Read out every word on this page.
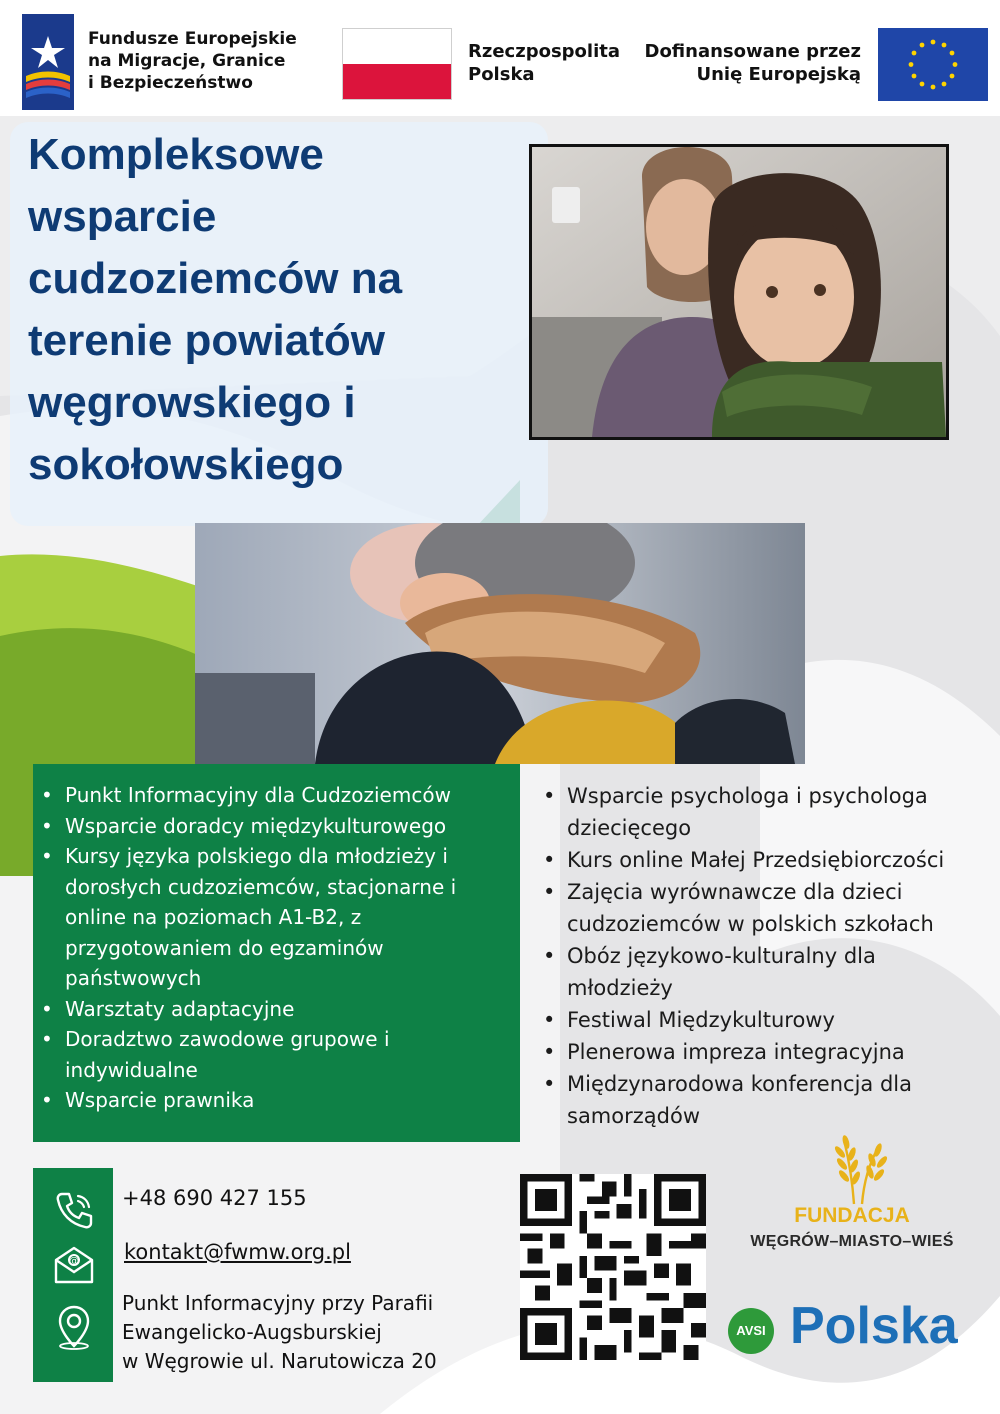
Fundusze Europejskie
na Migracje, Granice
i Bezpieczeństwo
Rzeczpospolita
Polska
Dofinansowane przez
Unię Europejską
Kompleksowe wsparcie cudzoziemców na terenie powiatów węgrowskiego i sokołowskiego
• Punkt Informacyjny dla Cudzoziemców
• Wsparcie doradcy międzykulturowego
• Kursy języka polskiego dla młodzieży i dorosłych cudzoziemców, stacjonarne i online na poziomach A1-B2, z przygotowaniem do egzaminów państwowych
• Warsztaty adaptacyjne
• Doradztwo zawodowe grupowe i indywidualne
• Wsparcie prawnika
• Wsparcie psychologa i psychologa dziecięcego
• Kurs online Małej Przedsiębiorczości
• Zajęcia wyrównawcze dla dzieci cudzoziemców w polskich szkołach
• Obóz językowo-kulturalny dla młodzieży
• Festiwal Międzykulturowy
• Plenerowa impreza integracyjna
• Międzynarodowa konferencja dla samorządów
@
+48 690 427 155
kontakt@fwmw.org.pl
Punkt Informacyjny przy Parafii
Ewangelicko-Augsburskiej
w Węgrowie ul. Narutowicza 20
FUNDACJA
WĘGRÓW–MIASTO–WIEŚ
AVSI Polska
